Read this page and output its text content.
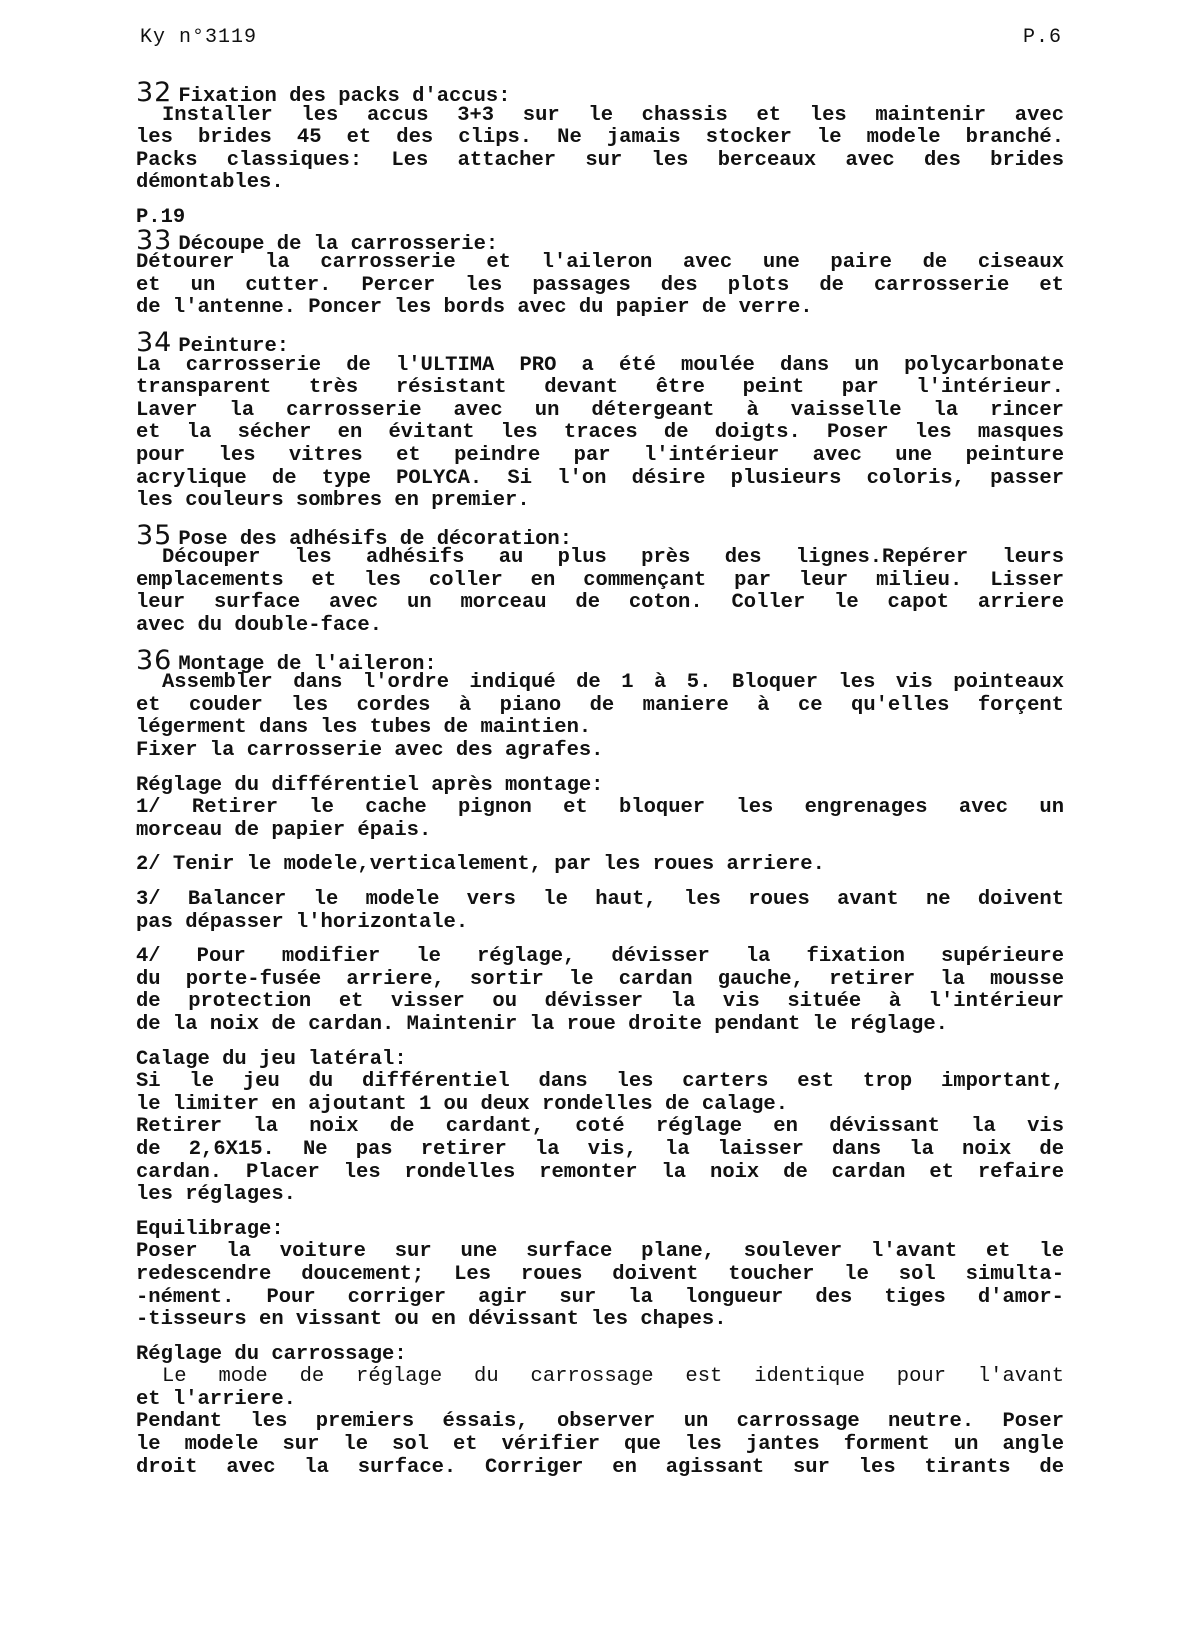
Ky n°3119	P.6
32 Fixation des packs d'accus:
Installer les accus 3+3 sur le chassis et les maintenir avec
les brides 45 et des clips. Ne jamais stocker le modele branché.
Packs classiques: Les attacher sur les berceaux avec des brides
démontables.
P.19
33 Découpe de la carrosserie:
Détourer la carrosserie et l'aileron avec une paire de ciseaux
et un cutter. Percer les passages des plots de carrosserie et
de l'antenne. Poncer les bords avec du papier de verre.
34 Peinture:
La carrosserie de l'ULTIMA PRO a été moulée dans un polycarbonate
transparent très résistant devant être peint par l'intérieur.
Laver la carrosserie avec un détergeant à vaisselle la rincer
et la sécher en évitant les traces de doigts. Poser les masques
pour les vitres et peindre par l'intérieur avec une peinture
acrylique de type POLYCA. Si l'on désire plusieurs coloris, passer
les couleurs sombres en premier.
35 Pose des adhésifs de décoration:
Découper les adhésifs au plus près des lignes.Repérer leurs
emplacements et les coller en commençant par leur milieu. Lisser
leur surface avec un morceau de coton. Coller le capot arriere
avec du double-face.
36 Montage de l'aileron:
Assembler dans l'ordre indiqué de 1 à 5. Bloquer les vis pointeaux
et couder les cordes à piano de maniere à ce qu'elles forçent
légerment dans les tubes de maintien.
Fixer la carrosserie avec des agrafes.
Réglage du différentiel après montage:
1/ Retirer le cache pignon et bloquer les engrenages avec un
morceau de papier épais.
2/ Tenir le modele,verticalement, par les roues arriere.
3/ Balancer le modele vers le haut, les roues avant ne doivent
pas dépasser l'horizontale.
4/ Pour modifier le réglage, dévisser la fixation supérieure
du porte-fusée arriere, sortir le cardan gauche, retirer la mousse
de protection et visser ou dévisser la vis située à l'intérieur
de la noix de cardan. Maintenir la roue droite pendant le réglage.
Calage du jeu latéral:
Si le jeu du différentiel dans les carters est trop important,
le limiter en ajoutant 1 ou deux rondelles de calage.
Retirer la noix de cardant, coté réglage en dévissant la vis
de 2,6X15. Ne pas retirer la vis, la laisser dans la noix de
cardan. Placer les rondelles remonter la noix de cardan et refaire
les réglages.
Equilibrage:
Poser la voiture sur une surface plane, soulever l'avant et le
redescendre doucement; Les roues doivent toucher le sol simulta-
-nément. Pour corriger agir sur la longueur des tiges d'amor-
-tisseurs en vissant ou en dévissant les chapes.
Réglage du carrossage:
Le mode de réglage du carrossage est identique pour l'avant
et l'arriere.
Pendant les premiers éssais, observer un carrossage neutre. Poser
le modele sur le sol et vérifier que les jantes forment un angle
droit avec la surface. Corriger en agissant sur les tirants de
